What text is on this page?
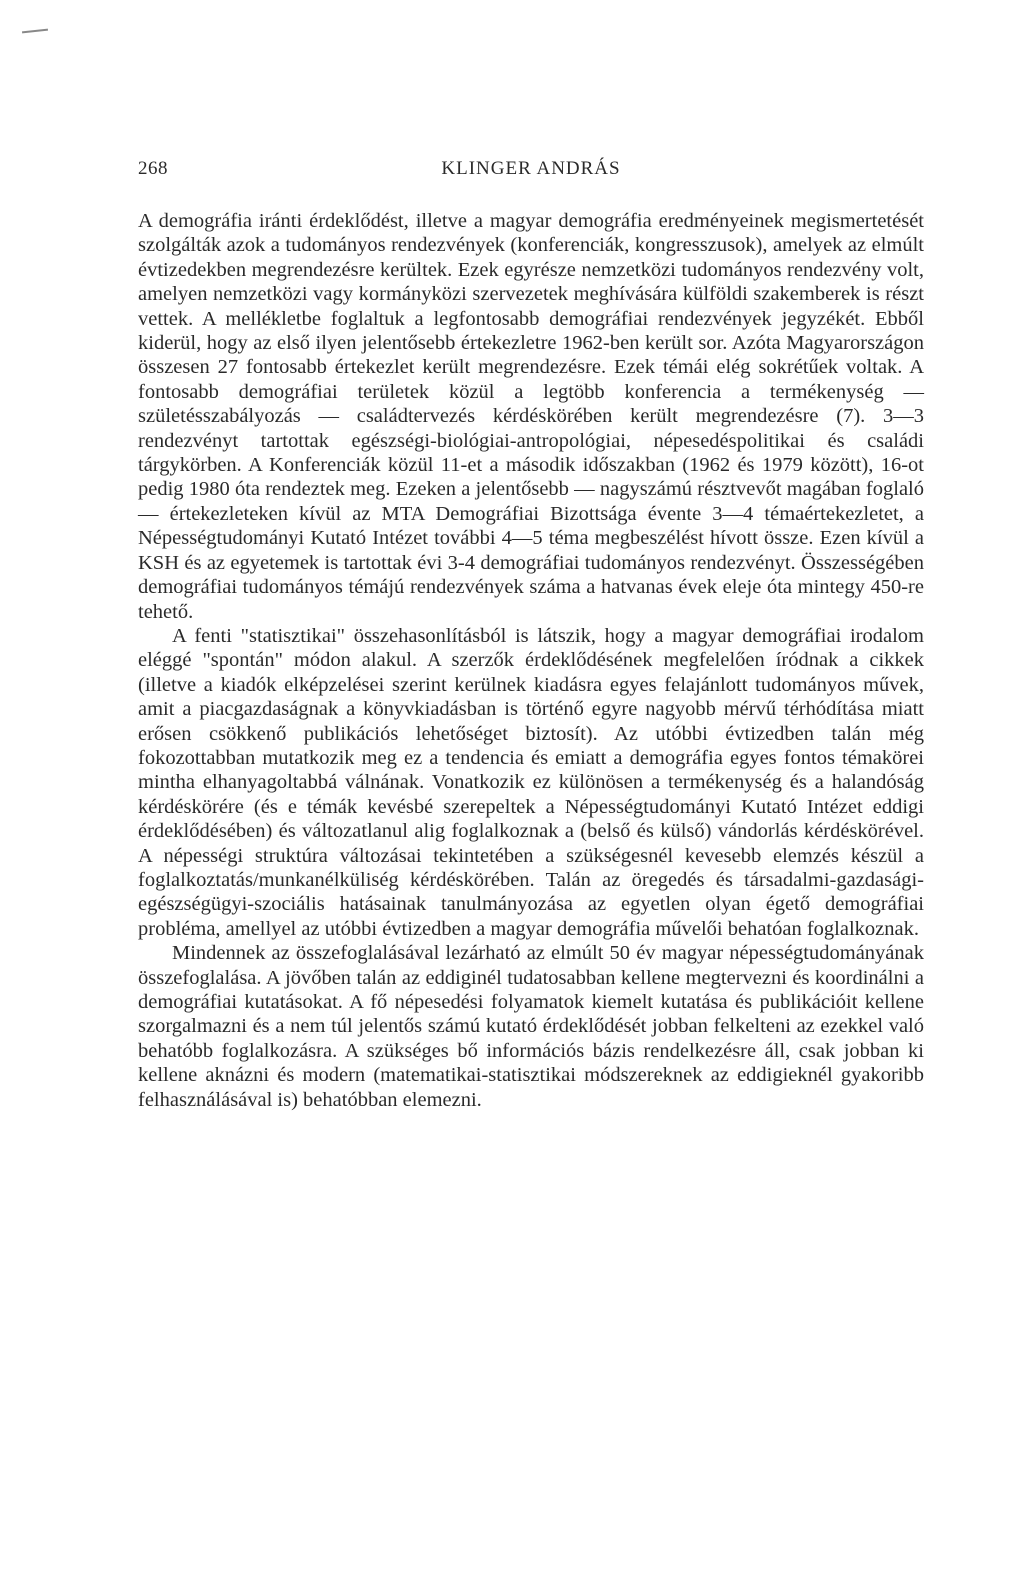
268	KLINGER ANDRÁS

A demográfia iránti érdeklődést, illetve a magyar demográfia eredményeinek megismertetését szolgálták azok a tudományos rendezvények (konferenciák, kongresszusok), amelyek az elmúlt évtizedekben megrendezésre kerültek. Ezek egyrésze nemzetközi tudományos rendezvény volt, amelyen nemzetközi vagy kormányközi szervezetek meghívására külföldi szakemberek is részt vettek. A mellékletbe foglaltuk a legfontosabb demográfiai rendezvények jegyzékét. Ebből kiderül, hogy az első ilyen jelentősebb értekezletre 1962-ben került sor. Azóta Magyarországon összesen 27 fontosabb értekezlet került megrendezésre. Ezek témái elég sokrétűek voltak. A fontosabb demográfiai területek közül a legtöbb konferencia a termékenység — születésszabályozás — családtervezés kérdéskörében került megrendezésre (7). 3—3 rendezvényt tartottak egészségi-biológiai-antropológiai, népesedéspolitikai és családi tárgykörben. A Konferenciák közül 11-et a második időszakban (1962 és 1979 között), 16-ot pedig 1980 óta rendeztek meg. Ezeken a jelentősebb — nagyszámú résztvevőt magában foglaló — értekezleteken kívül az MTA Demográfiai Bizottsága évente 3—4 témaértekezletet, a Népességtudományi Kutató Intézet további 4—5 téma megbeszélést hívott össze. Ezen kívül a KSH és az egyetemek is tartottak évi 3-4 demográfiai tudományos rendezvényt. Összességében demográfiai tudományos témájú rendezvények száma a hatvanas évek eleje óta mintegy 450-re tehető.

A fenti "statisztikai" összehasonlításból is látszik, hogy a magyar demográfiai irodalom eléggé "spontán" módon alakul. A szerzők érdeklődésének megfelelően íródnak a cikkek (illetve a kiadók elképzelései szerint kerülnek kiadásra egyes felajánlott tudományos művek, amit a piacgazdaságnak a könyvkiadásban is történő egyre nagyobb mérvű térhódítása miatt erősen csökkenő publikációs lehetőséget biztosít). Az utóbbi évtizedben talán még fokozottabban mutatkozik meg ez a tendencia és emiatt a demográfia egyes fontos témakörei mintha elhanyagoltabbá válnának. Vonatkozik ez különösen a termékenység és a halandóság kérdéskörére (és e témák kevésbé szerepeltek a Népességtudományi Kutató Intézet eddigi érdeklődésében) és változatlanul alig foglalkoznak a (belső és külső) vándorlás kérdéskörével. A népességi struktúra változásai tekintetében a szükségesnél kevesebb elemzés készül a foglalkoztatás/munkanélküliség kérdéskörében. Talán az öregedés és társadalmi-gazdasági-egészségügyi-szociális hatásainak tanulmányozása az egyetlen olyan égető demográfiai probléma, amellyel az utóbbi évtizedben a magyar demográfia művelői behatóan foglalkoznak.

Mindennek az összefoglalásával lezárható az elmúlt 50 év magyar népességtudományának összefoglalása. A jövőben talán az eddiginél tudatosabban kellene megtervezni és koordinálni a demográfiai kutatásokat. A fő népesedési folyamatok kiemelt kutatása és publikációit kellene szorgalmazni és a nem túl jelentős számú kutató érdeklődését jobban felkelteni az ezekkel való behatóbb foglalkozásra. A szükséges bő információs bázis rendelkezésre áll, csak jobban ki kellene aknázni és modern (matematikai-statisztikai módszereknek az eddigieknél gyakoribb felhasználásával is) behatóbban elemezni.
